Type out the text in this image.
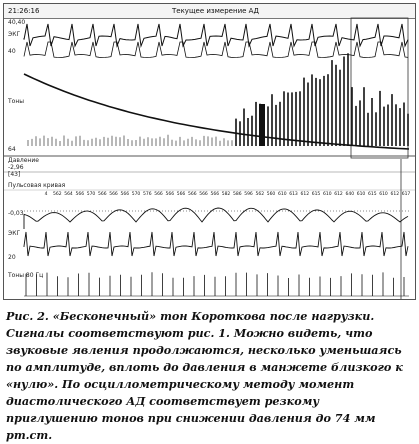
21:26:16	Текущее измерение АД
4 562 564 566 570 566 566 566 570 576 566 566 566 566 566 566 582 586 596 562 560 610 613 612 615 610 612 640 610 615 610 612 617
40,40
ЭКГ
40
Тоны
64
Давление
-2,96
[43]
Пульсовая кривая
-0,03
ЭКГ
20
Тоны 80 Гц
Рис. 2. «Бесконечный» тон Короткова после нагрузки. Сигналы соответствуют рис. 1. Можно видеть, что звуковые явления продолжаются, несколько уменьшаясь по амплитуде, вплоть до давления в манжете близкого к «нулю». По осциллометрическому методу момент диастолического АД соответствует резкому приглушению тонов при снижении давления до 74 мм рт.ст.
